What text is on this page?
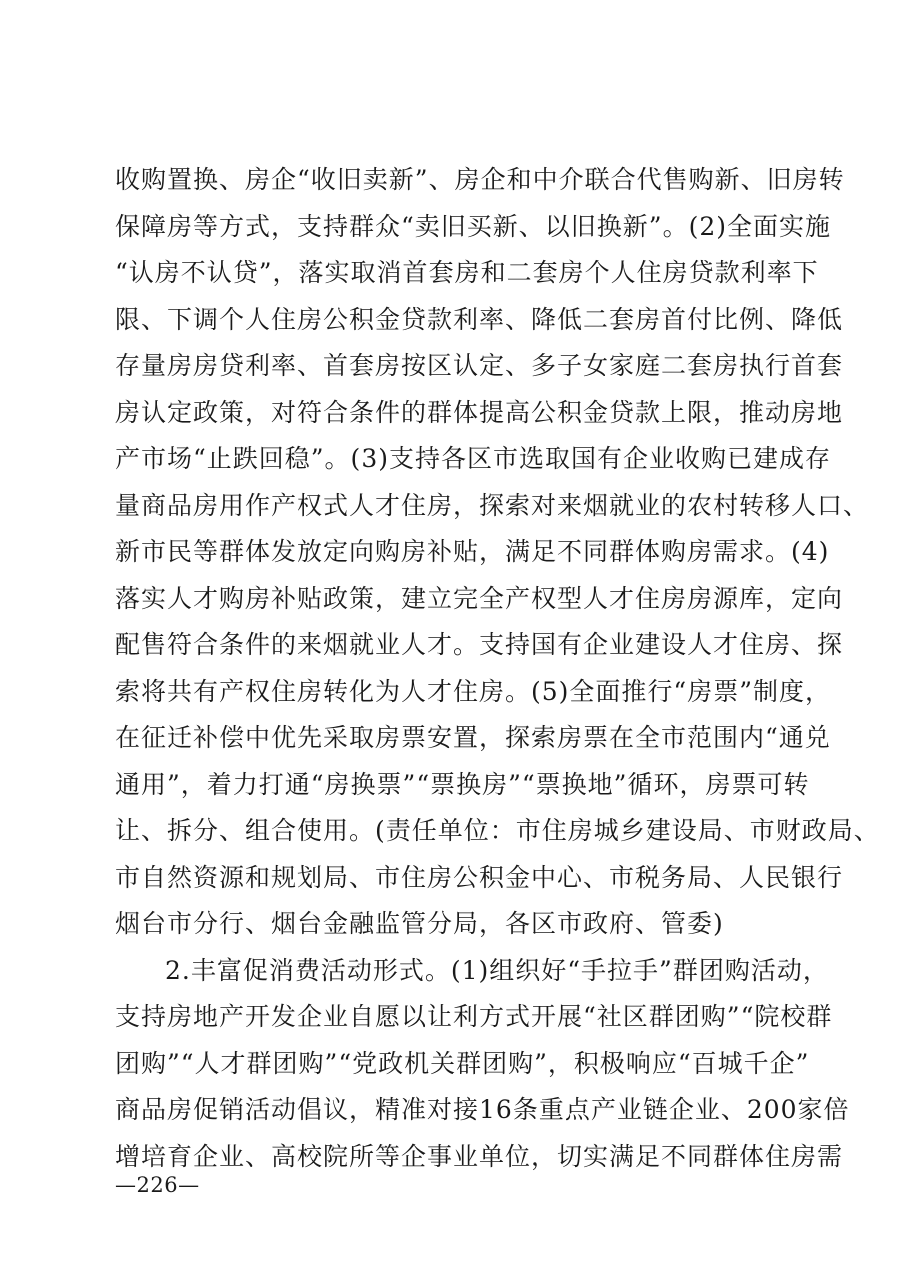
收购置换、房企“收旧卖新”、房企和中介联合代售购新、旧房转
保障房等方式，支持群众“卖旧买新、以旧换新”。(2)全面实施
“认房不认贷”，落实取消首套房和二套房个人住房贷款利率下
限、下调个人住房公积金贷款利率、降低二套房首付比例、降低
存量房房贷利率、首套房按区认定、多子女家庭二套房执行首套
房认定政策，对符合条件的群体提高公积金贷款上限，推动房地
产市场“止跌回稳”。(3)支持各区市选取国有企业收购已建成存
量商品房用作产权式人才住房，探索对来烟就业的农村转移人口、
新市民等群体发放定向购房补贴，满足不同群体购房需求。(4)
落实人才购房补贴政策，建立完全产权型人才住房房源库，定向
配售符合条件的来烟就业人才。支持国有企业建设人才住房、探
索将共有产权住房转化为人才住房。(5)全面推行“房票”制度，
在征迁补偿中优先采取房票安置，探索房票在全市范围内“通兑
通用”，着力打通“房换票”“票换房”“票换地”循环，房票可转
让、拆分、组合使用。(责任单位：市住房城乡建设局、市财政局、
市自然资源和规划局、市住房公积金中心、市税务局、人民银行
烟台市分行、烟台金融监管分局，各区市政府、管委)
2.丰富促消费活动形式。(1)组织好“手拉手”群团购活动，
支持房地产开发企业自愿以让利方式开展“社区群团购”“院校群
团购”“人才群团购”“党政机关群团购”，积极响应“百城千企”
商品房促销活动倡议，精准对接16条重点产业链企业、200家倍
增培育企业、高校院所等企事业单位，切实满足不同群体住房需
—226—
